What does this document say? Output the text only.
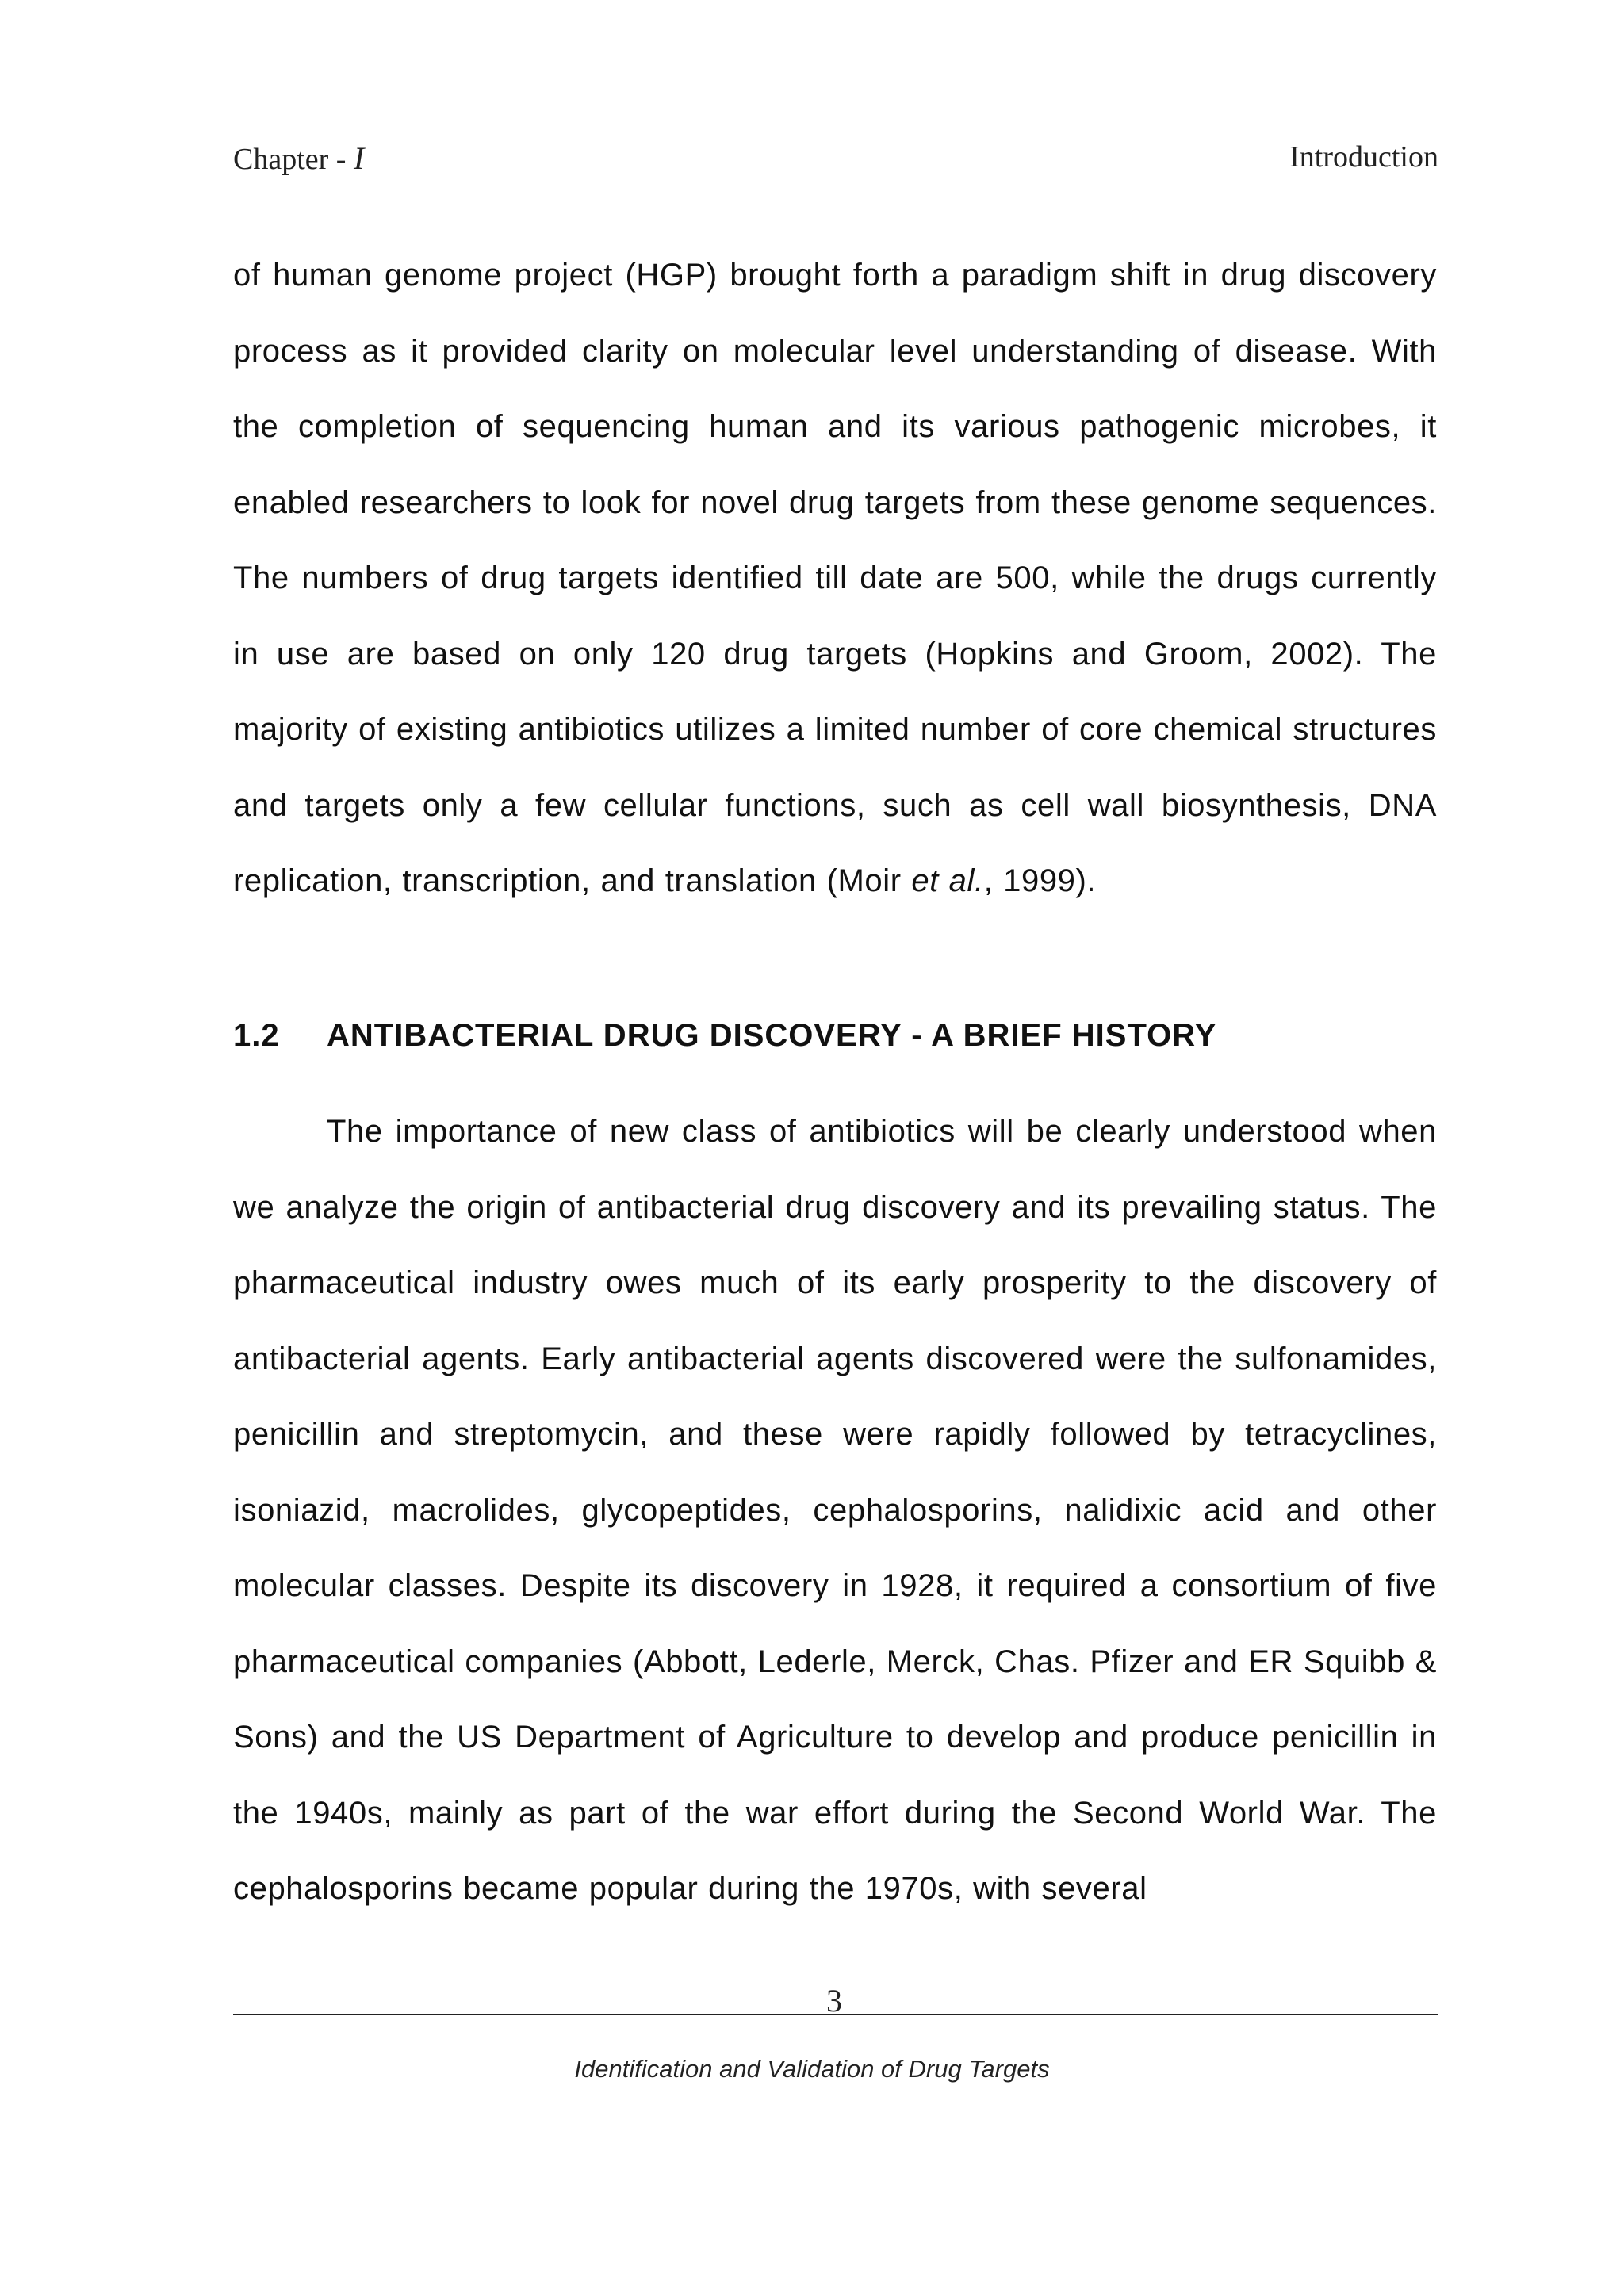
Chapter - I	Introduction

of human genome project (HGP) brought forth a paradigm shift in drug discovery process as it provided clarity on molecular level understanding of disease. With the completion of sequencing human and its various pathogenic microbes, it enabled researchers to look for novel drug targets from these genome sequences. The numbers of drug targets identified till date are 500, while the drugs currently in use are based on only 120 drug targets (Hopkins and Groom, 2002). The majority of existing antibiotics utilizes a limited number of core chemical structures and targets only a few cellular functions, such as cell wall biosynthesis, DNA replication, transcription, and translation (Moir et al., 1999).

1.2 ANTIBACTERIAL DRUG DISCOVERY - A BRIEF HISTORY

The importance of new class of antibiotics will be clearly understood when we analyze the origin of antibacterial drug discovery and its prevailing status. The pharmaceutical industry owes much of its early prosperity to the discovery of antibacterial agents. Early antibacterial agents discovered were the sulfonamides, penicillin and streptomycin, and these were rapidly followed by tetracyclines, isoniazid, macrolides, glycopeptides, cephalosporins, nalidixic acid and other molecular classes. Despite its discovery in 1928, it required a consortium of five pharmaceutical companies (Abbott, Lederle, Merck, Chas. Pfizer and ER Squibb & Sons) and the US Department of Agriculture to develop and produce penicillin in the 1940s, mainly as part of the war effort during the Second World War. The cephalosporins became popular during the 1970s, with several

3
Identification and Validation of Drug Targets
